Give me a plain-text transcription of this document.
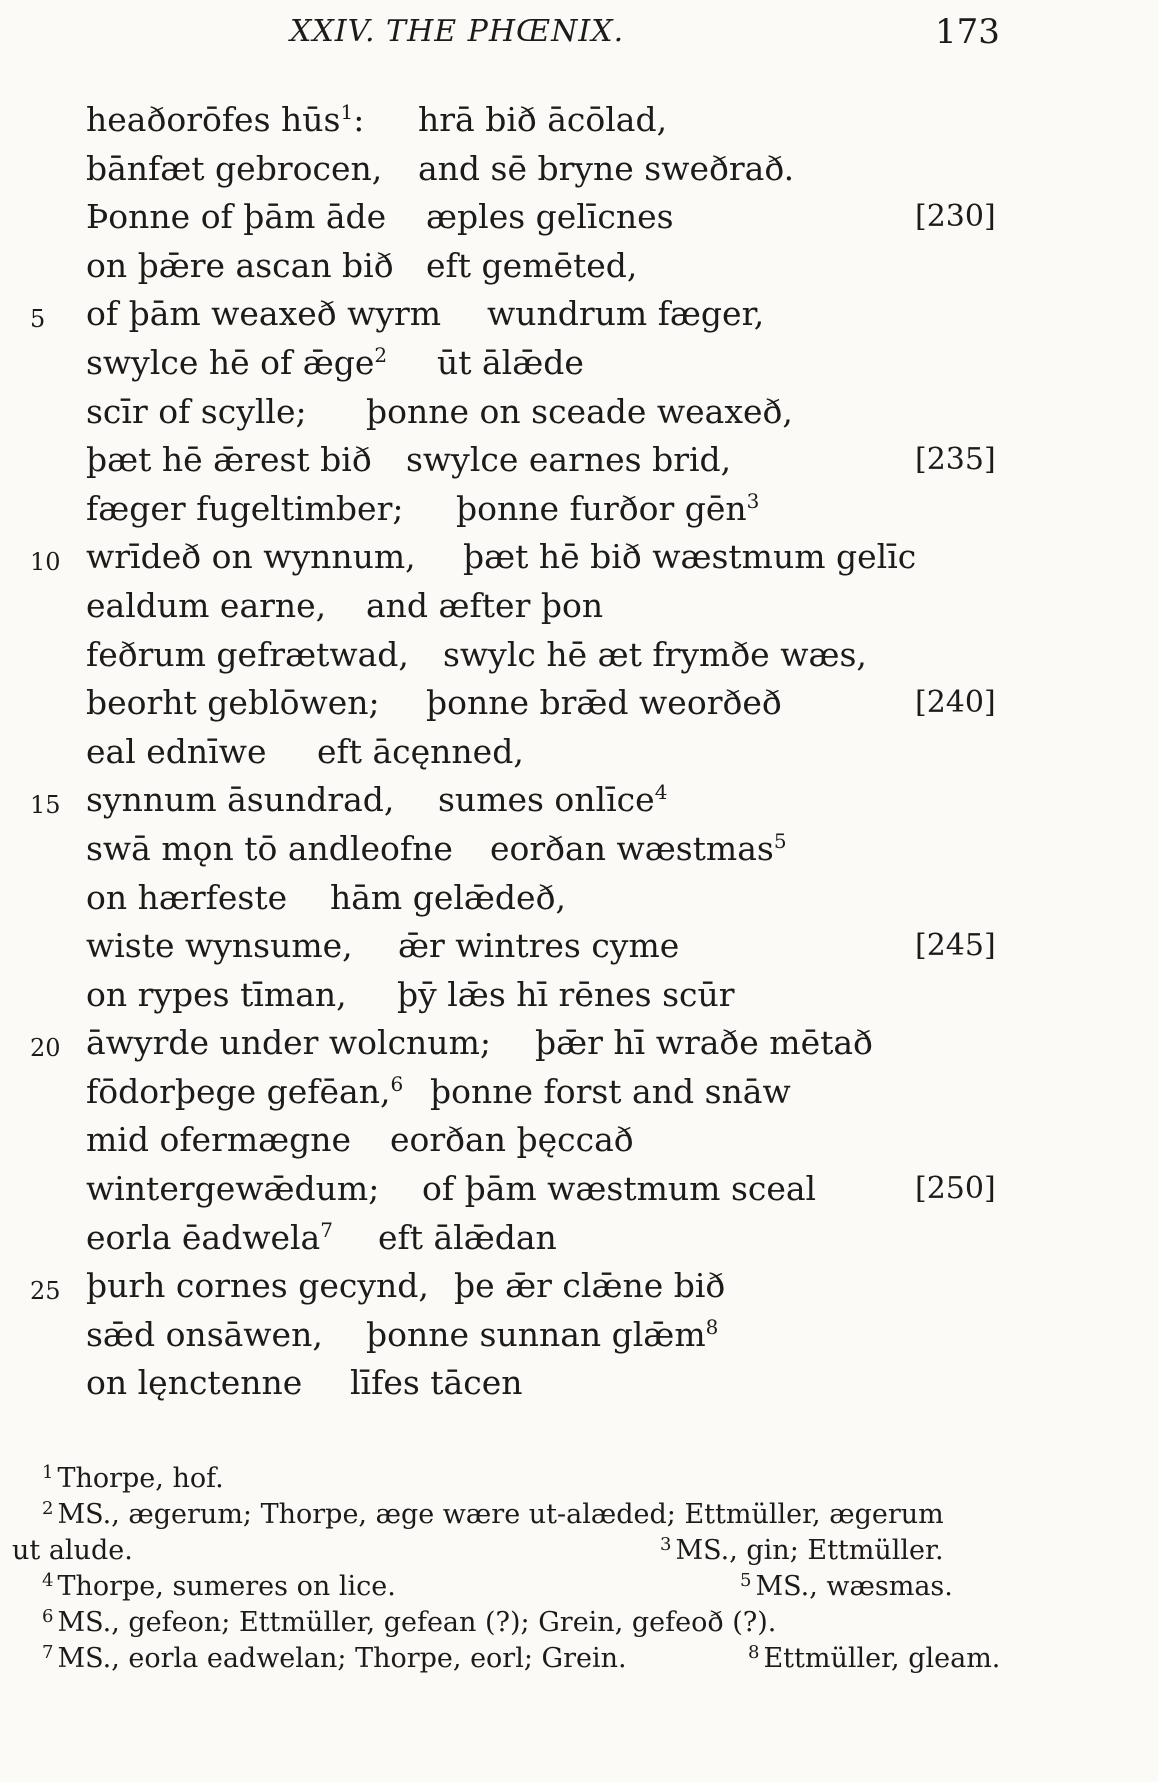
XXIV. THE PHŒNIX.	173
heaðorōfes hūs$^1$: hrā bið ācōlad,
bānfæt gebrocen, and sē bryne sweðrað.
Þonne of þām āde æples gelīcnes	[230]
on þǣre ascan bið eft gemēted,
5 of þām weaxeð wyrm wundrum fæger,
swylce hē of ǣge$^2$ ūt ālǣde
scīr of scylle; þonne on sceade weaxeð,
þæt hē ǣrest bið swylce earnes brid,	[235]
fæger fugeltimber; þonne furðor gēn$^3$
10 wrīdeð on wynnum, þæt hē bið wæstmum gelīc
ealdum earne, and æfter þon
feðrum gefrætwad, swylc hē æt frymðe wæs,
beorht geblōwen; þonne brǣd weorðeð	[240]
eal ednīwe eft ācęnned,
15 synnum āsundrad, sumes onlīce$^4$
swā mǫn tō andleofne eorðan wæstmas$^5$
on hærfeste hām gelǣdeð,
wiste wynsume, ǣr wintres cyme	[245]
on rypes tīman, þȳ lǣs hī rēnes scūr
20 āwyrde under wolcnum; þǣr hī wraðe mētað
fōdorþege gefēan,$^6$ þonne forst and snāw
mid ofermægne eorðan þęccað
wintergewǣdum; of þām wæstmum sceal	[250]
eorla ēadwela$^7$ eft ālǣdan
25 þurh cornes gecynd, þe ǣr clǣne bið
sǣd onsāwen, þonne sunnan glǣm$^8$
on lęnctenne līfes tācen
$^1$ Thorpe, hof.
$^2$ MS., ægerum; Thorpe, æge wære ut-alæded; Ettmüller, ægerum
ut alude.	$^3$ MS., gin; Ettmüller.
$^4$ Thorpe, sumeres on lice.	$^5$ MS., wæsmas.
$^6$ MS., gefeon; Ettmüller, gefean (?); Grein, gefeoð (?).
$^7$ MS., eorla eadwelan; Thorpe, eorl; Grein.	$^8$ Ettmüller, gleam.
